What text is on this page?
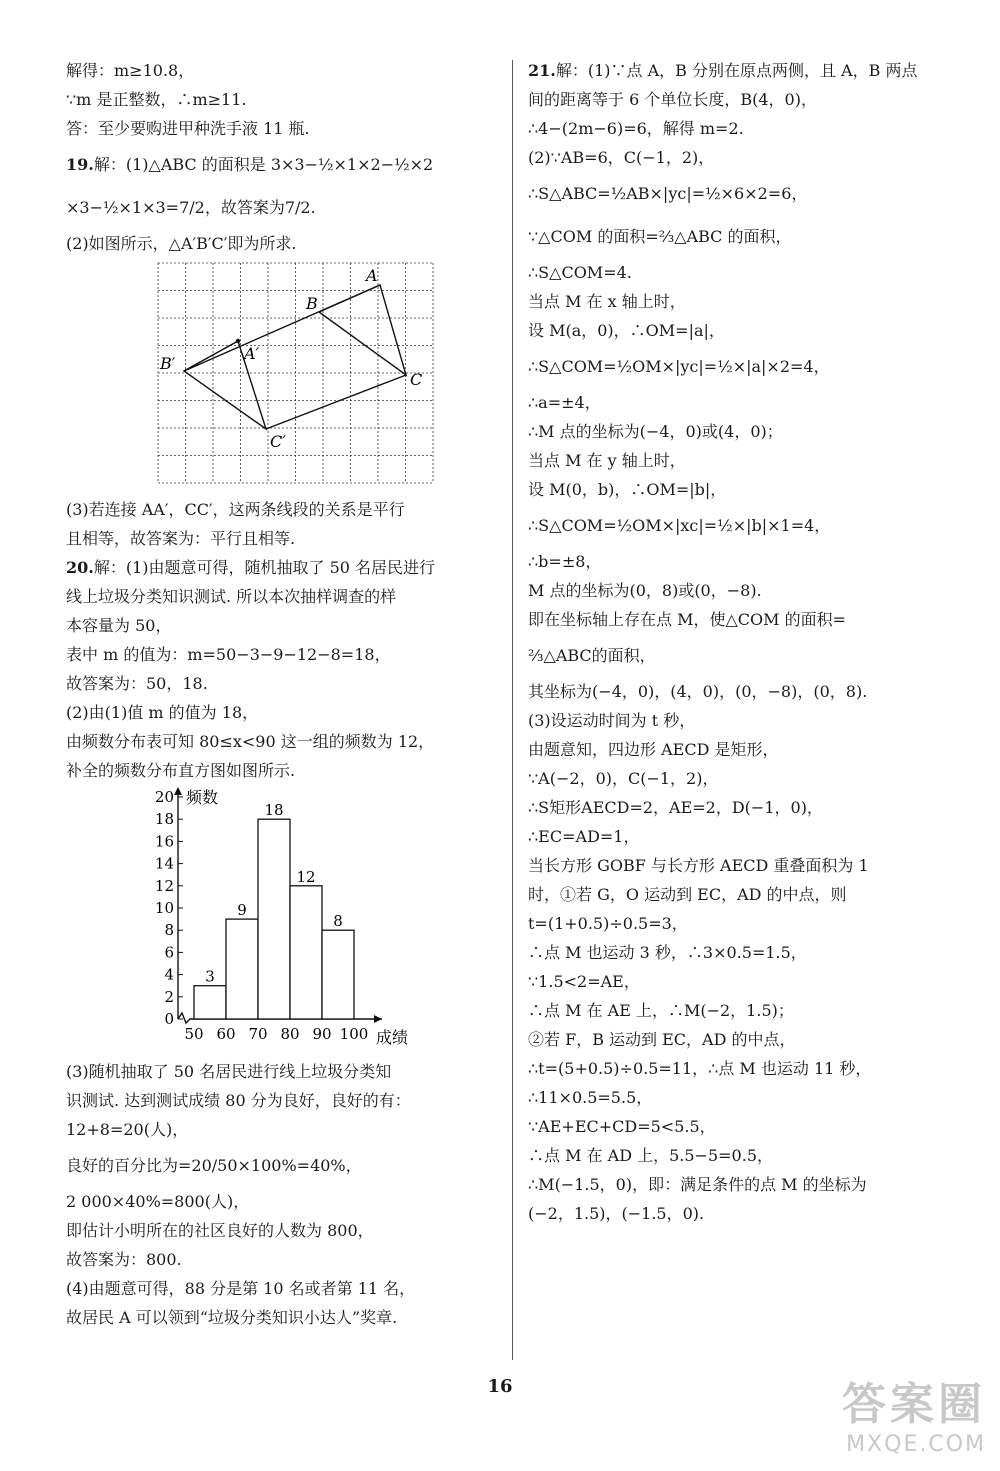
解得：m≥10.8，
∵m 是正整数，∴m≥11.
答：至少要购进甲种洗手液 11 瓶.
19.解：(1)△ABC 的面积是 3×3−½×1×2−½×2
×3−½×1×3=7/2，故答案为7/2.
(2)如图所示，△A′B′C′即为所求.
A
B
C
A′
B′
C′
(3)若连接 AA′，CC′，这两条线段的关系是平行
且相等，故答案为：平行且相等.
20.解：(1)由题意可得，随机抽取了 50 名居民进行
线上垃圾分类知识测试. 所以本次抽样调查的样
本容量为 50，
表中 m 的值为：m=50−3−9−12−8=18，
故答案为：50，18.
(2)由(1)值 m 的值为 18，
由频数分布表可知 80≤x<90 这一组的频数为 12，
补全的频数分布直方图如图所示.
0
2
4
6
8
10
12
14
16
18
20 频数
成绩
3
9
18
12
8
50 60 70 80 90 100
(3)随机抽取了 50 名居民进行线上垃圾分类知
识测试. 达到测试成绩 80 分为良好，良好的有：
12+8=20(人)，
良好的百分比为=20/50×100%=40%，
2 000×40%=800(人)，
即估计小明所在的社区良好的人数为 800，
故答案为：800.
(4)由题意可得，88 分是第 10 名或者第 11 名，
故居民 A 可以领到“垃圾分类知识小达人”奖章.
21.解：(1)∵点 A，B 分别在原点两侧，且 A，B 两点
间的距离等于 6 个单位长度，B(4，0)，
∴4−(2m−6)=6，解得 m=2.
(2)∵AB=6，C(−1，2)，
∴S△ABC=½AB×|yc|=½×6×2=6，
∵△COM 的面积=⅔△ABC 的面积，
∴S△COM=4.
当点 M 在 x 轴上时，
设 M(a，0)，∴OM=|a|，
∴S△COM=½OM×|yc|=½×|a|×2=4，
∴a=±4，
∴M 点的坐标为(−4，0)或(4，0)；
当点 M 在 y 轴上时，
设 M(0，b)，∴OM=|b|，
∴S△COM=½OM×|xc|=½×|b|×1=4，
∴b=±8，
M 点的坐标为(0，8)或(0，−8).
即在坐标轴上存在点 M，使△COM 的面积=
⅔△ABC的面积，
其坐标为(−4，0)，(4，0)，(0，−8)，(0，8).
(3)设运动时间为 t 秒，
由题意知，四边形 AECD 是矩形，
∵A(−2，0)，C(−1，2)，
∴S矩形AECD=2，AE=2，D(−1，0)，
∴EC=AD=1，
当长方形 GOBF 与长方形 AECD 重叠面积为 1
时，①若 G，O 运动到 EC，AD 的中点，则
t=(1+0.5)÷0.5=3，
∴点 M 也运动 3 秒，∴3×0.5=1.5，
∵1.5<2=AE，
∴点 M 在 AE 上，∴M(−2，1.5)；
②若 F，B 运动到 EC，AD 的中点，
∴t=(5+0.5)÷0.5=11，∴点 M 也运动 11 秒，
∴11×0.5=5.5，
∵AE+EC+CD=5<5.5，
∴点 M 在 AD 上，5.5−5=0.5，
∴M(−1.5，0)，即：满足条件的点 M 的坐标为
(−2，1.5)，(−1.5，0).
16	答案圈
MXQE.COM
